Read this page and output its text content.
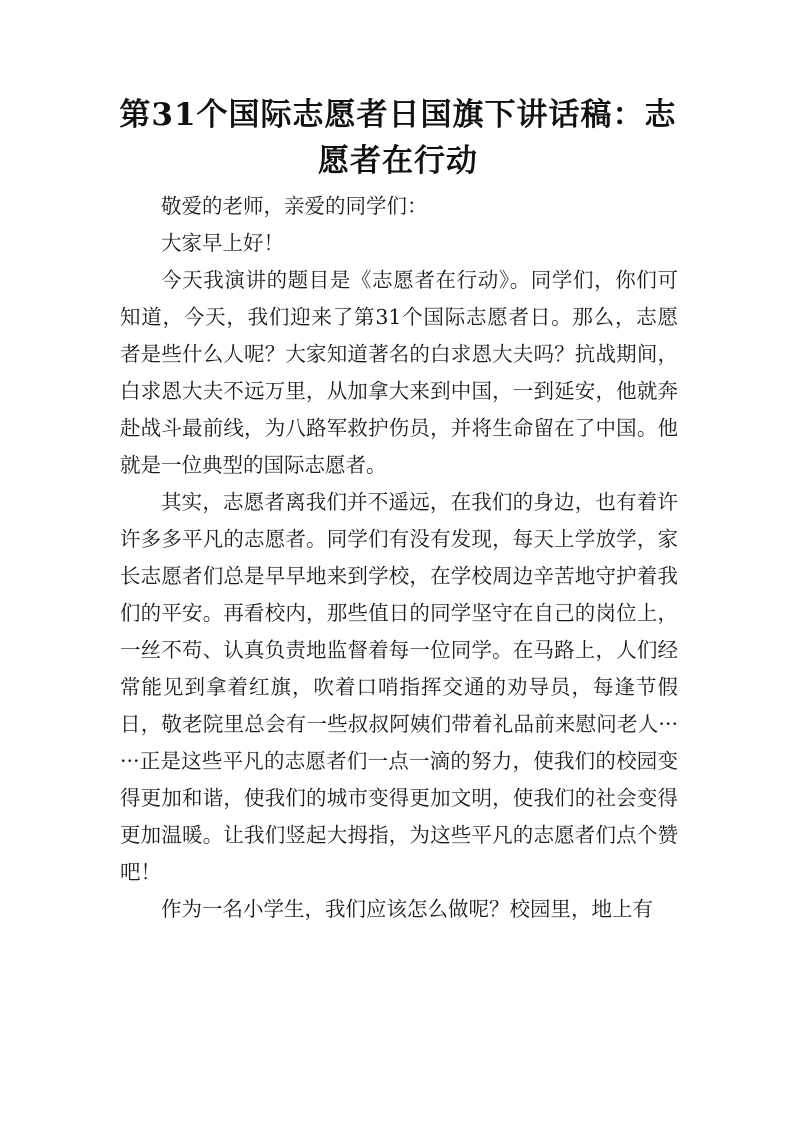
第31个国际志愿者日国旗下讲话稿：志愿者在行动

敬爱的老师，亲爱的同学们：

大家早上好！

今天我演讲的题目是《志愿者在行动》。同学们，你们可知道，今天，我们迎来了第31个国际志愿者日。那么，志愿者是些什么人呢？大家知道著名的白求恩大夫吗？抗战期间，白求恩大夫不远万里，从加拿大来到中国，一到延安，他就奔赴战斗最前线，为八路军救护伤员，并将生命留在了中国。他就是一位典型的国际志愿者。

其实，志愿者离我们并不遥远，在我们的身边，也有着许许多多平凡的志愿者。同学们有没有发现，每天上学放学，家长志愿者们总是早早地来到学校，在学校周边辛苦地守护着我们的平安。再看校内，那些值日的同学坚守在自己的岗位上，一丝不苟、认真负责地监督着每一位同学。在马路上，人们经常能见到拿着红旗，吹着口哨指挥交通的劝导员，每逢节假日，敬老院里总会有一些叔叔阿姨们带着礼品前来慰问老人······正是这些平凡的志愿者们一点一滴的努力，使我们的校园变得更加和谐，使我们的城市变得更加文明，使我们的社会变得更加温暖。让我们竖起大拇指，为这些平凡的志愿者们点个赞吧！

作为一名小学生，我们应该怎么做呢？校园里，地上有
